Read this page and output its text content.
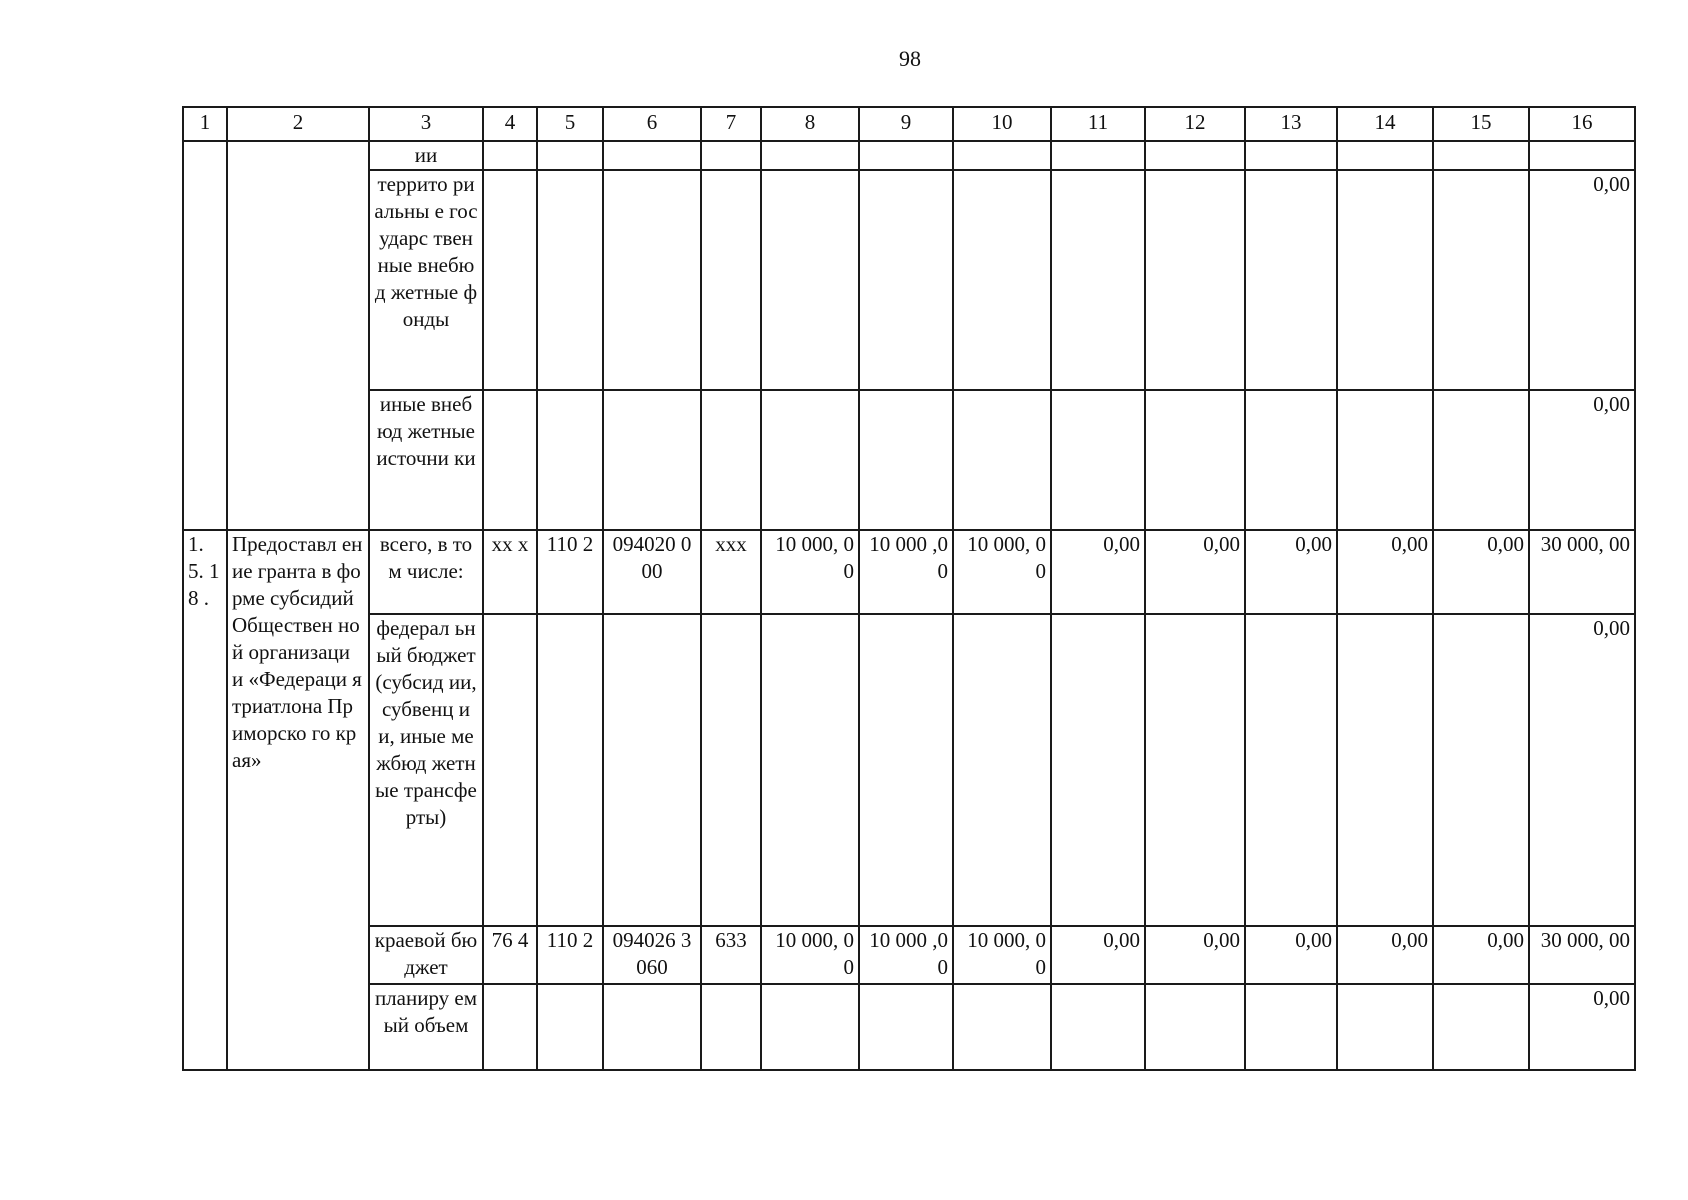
98
1	2	3	4	5	6	7	8	9	10	11	12	13	14	15	16
		ии													
		террито риальны е государс твенные внебюд жетные фонды													0,00
		иные внебюд жетные источни ки													0,00
1. 5. 18 .	Предоставл ение гранта в форме субсидий Обществен ной организаци и «Федераци я триатлона Приморско го края»	всего, в том числе:	хх х	110 2	094020 000	ххх	10 000, 00	10 000 ,00	10 000, 00	0,00	0,00	0,00	0,00	0,00	30 000, 00
		федерал ьный бюджет (субсид ии, субвенц ии, иные межбюд жетные трансфе рты)													0,00
		краевой бюджет	76 4	110 2	094026 3060	633	10 000, 00	10 000 ,00	10 000, 00	0,00	0,00	0,00	0,00	0,00	30 000, 00
		планиру емый объем													0,00
